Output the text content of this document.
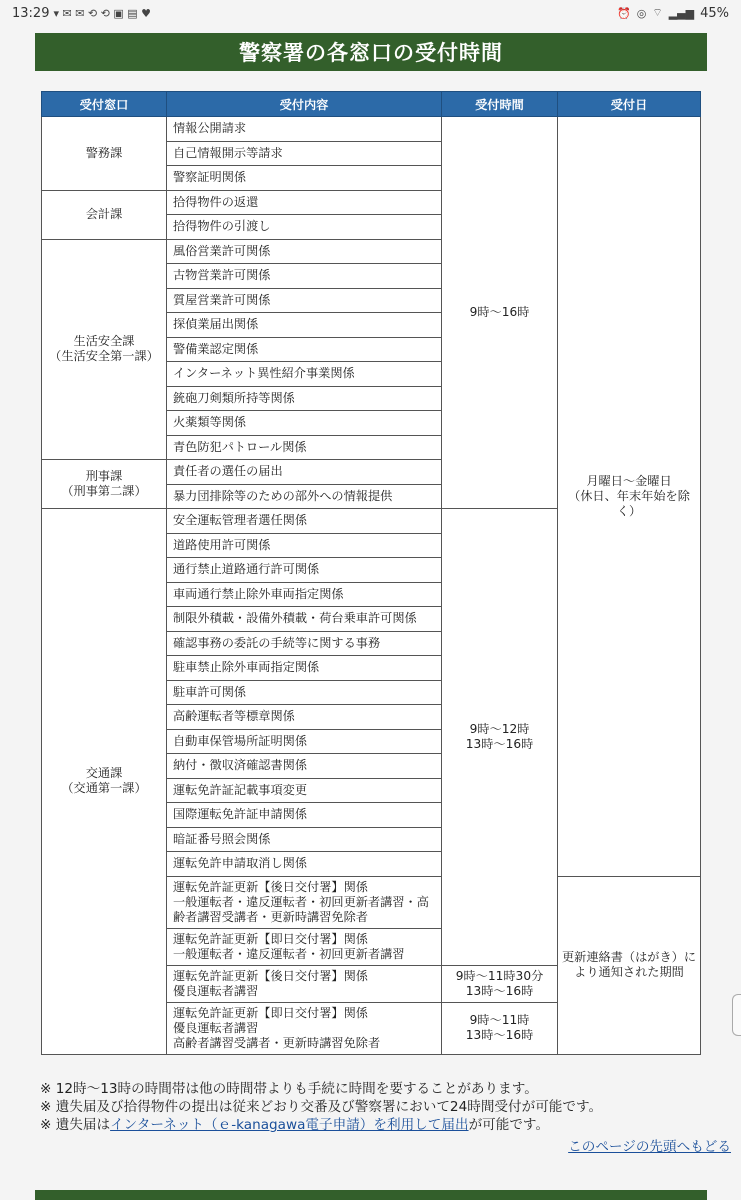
13:29 ▾ ✉ ✉ ⟲ ⟲ ▣ ▤ ♥	⏰ ◎ ⌔ ▂▄▆ 45%
警察署の各窓口の受付時間
受付窓口	受付内容	受付時間	受付日
警務課	情報公開請求	9時～16時	月曜日～金曜日
（休日、年末年始を除く）
	自己情報開示等請求		
	警察証明関係		
会計課	拾得物件の返還		
	拾得物件の引渡し		
生活安全課
（生活安全第一課）	風俗営業許可関係		
	古物営業許可関係		
	質屋営業許可関係		
	探偵業届出関係		
	警備業認定関係		
	インターネット異性紹介事業関係		
	銃砲刀剣類所持等関係		
	火薬類等関係		
	青色防犯パトロール関係		
刑事課
（刑事第二課）	責任者の選任の届出		
	暴力団排除等のための部外への情報提供		
交通課
（交通第一課）	安全運転管理者選任関係	9時～12時
13時～16時	
	道路使用許可関係		
	通行禁止道路通行許可関係		
	車両通行禁止除外車両指定関係		
	制限外積載・設備外積載・荷台乗車許可関係		
	確認事務の委託の手続等に関する事務		
	駐車禁止除外車両指定関係		
	駐車許可関係		
	高齢運転者等標章関係		
	自動車保管場所証明関係		
	納付・徴収済確認書関係		
	運転免許証記載事項変更		
	国際運転免許証申請関係		
	暗証番号照会関係		
	運転免許申請取消し関係		
	運転免許証更新【後日交付署】関係
一般運転者・違反運転者・初回更新者講習・高齢者講習受講者・更新時講習免除者		更新連絡書（はがき）に
より通知された期間
	運転免許証更新【即日交付署】関係
一般運転者・違反運転者・初回更新者講習		
	運転免許証更新【後日交付署】関係
優良運転者講習	9時～11時30分
13時～16時	
	運転免許証更新【即日交付署】関係
優良運転者講習
高齢者講習受講者・更新時講習免除者	9時～11時
13時～16時	
※ 12時～13時の時間帯は他の時間帯よりも手続に時間を要することがあります。
※ 遺失届及び拾得物件の提出は従来どおり交番及び警察署において24時間受付が可能です。
※ 遺失届はインターネット（ｅ-kanagawa電子申請）を利用して届出が可能です。
このページの先頭へもどる
